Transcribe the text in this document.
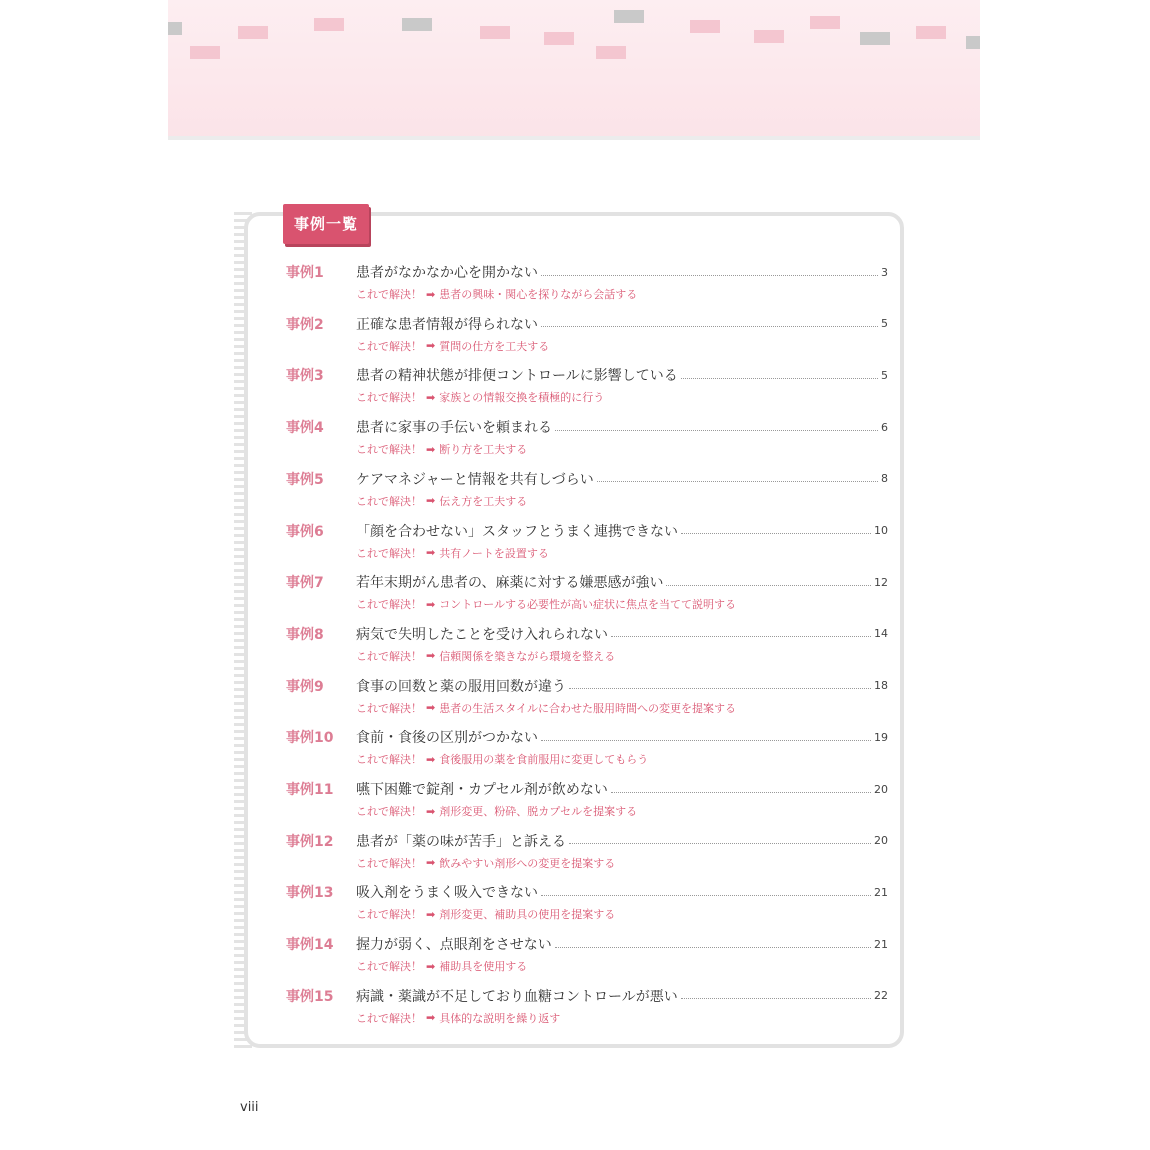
事例一覧
事例1 患者がなかなか心を開かない	3
これで解決！ ➡ 患者の興味・関心を探りながら会話する
事例2 正確な患者情報が得られない	5
これで解決！ ➡ 質問の仕方を工夫する
事例3 患者の精神状態が排便コントロールに影響している	5
これで解決！ ➡ 家族との情報交換を積極的に行う
事例4 患者に家事の手伝いを頼まれる	6
これで解決！ ➡ 断り方を工夫する
事例5 ケアマネジャーと情報を共有しづらい	8
これで解決！ ➡ 伝え方を工夫する
事例6 「顔を合わせない」スタッフとうまく連携できない	10
これで解決！ ➡ 共有ノートを設置する
事例7 若年末期がん患者の、麻薬に対する嫌悪感が強い	12
これで解決！ ➡ コントロールする必要性が高い症状に焦点を当てて説明する
事例8 病気で失明したことを受け入れられない	14
これで解決！ ➡ 信頼関係を築きながら環境を整える
事例9 食事の回数と薬の服用回数が違う	18
これで解決！ ➡ 患者の生活スタイルに合わせた服用時間への変更を提案する
事例10 食前・食後の区別がつかない	19
これで解決！ ➡ 食後服用の薬を食前服用に変更してもらう
事例11 嚥下困難で錠剤・カプセル剤が飲めない	20
これで解決！ ➡ 剤形変更、粉砕、脱カプセルを提案する
事例12 患者が「薬の味が苦手」と訴える	20
これで解決！ ➡ 飲みやすい剤形への変更を提案する
事例13 吸入剤をうまく吸入できない	21
これで解決！ ➡ 剤形変更、補助具の使用を提案する
事例14 握力が弱く、点眼剤をさせない	21
これで解決！ ➡ 補助具を使用する
事例15 病識・薬識が不足しており血糖コントロールが悪い	22
これで解決！ ➡ 具体的な説明を繰り返す
viii
